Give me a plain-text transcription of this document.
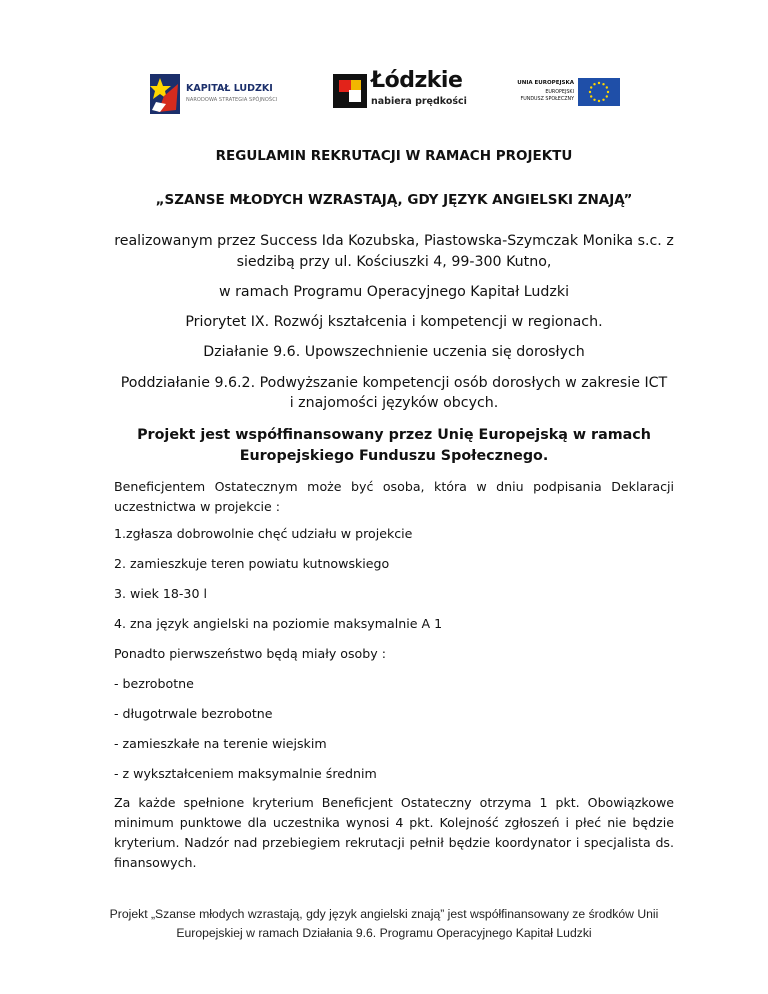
KAPITAŁ LUDZKI
NARODOWA STRATEGIA SPÓJNOŚCI
Łódzkie
nabiera prędkości
UNIA EUROPEJSKA
EUROPEJSKI
FUNDUSZ SPOŁECZNY

REGULAMIN REKRUTACJI W RAMACH PROJEKTU

„SZANSE MŁODYCH WZRASTAJĄ, GDY JĘZYK ANGIELSKI ZNAJĄ”

realizowanym przez Success Ida Kozubska, Piastowska-Szymczak Monika s.c. z

siedzibą przy ul. Kościuszki 4, 99-300 Kutno,

w ramach Programu Operacyjnego Kapitał Ludzki

Priorytet IX. Rozwój kształcenia i kompetencji w regionach.

Działanie 9.6. Upowszechnienie uczenia się dorosłych

Poddziałanie 9.6.2. Podwyższanie kompetencji osób dorosłych w zakresie ICT

i znajomości języków obcych.

Projekt jest współfinansowany przez Unię Europejską w ramach

Europejskiego Funduszu Społecznego.

Beneficjentem Ostatecznym może być osoba, która w dniu podpisania Deklaracji uczestnictwa w projekcie :

1.zgłasza dobrowolnie chęć udziału w projekcie

2. zamieszkuje teren powiatu kutnowskiego

3. wiek 18-30 l

4. zna język angielski na poziomie maksymalnie A 1

Ponadto pierwszeństwo będą miały osoby :

- bezrobotne

- długotrwale bezrobotne

- zamieszkałe na terenie wiejskim

- z wykształceniem maksymalnie średnim

Za każde spełnione kryterium Beneficjent Ostateczny otrzyma 1 pkt. Obowiązkowe minimum punktowe dla uczestnika wynosi 4 pkt. Kolejność zgłoszeń i płeć nie będzie kryterium. Nadzór nad przebiegiem rekrutacji pełnił będzie koordynator i specjalista ds. finansowych.

Projekt „Szanse młodych wzrastają, gdy język angielski znają” jest współfinansowany ze środków Unii
Europejskiej w ramach Działania 9.6. Programu Operacyjnego Kapitał Ludzki
